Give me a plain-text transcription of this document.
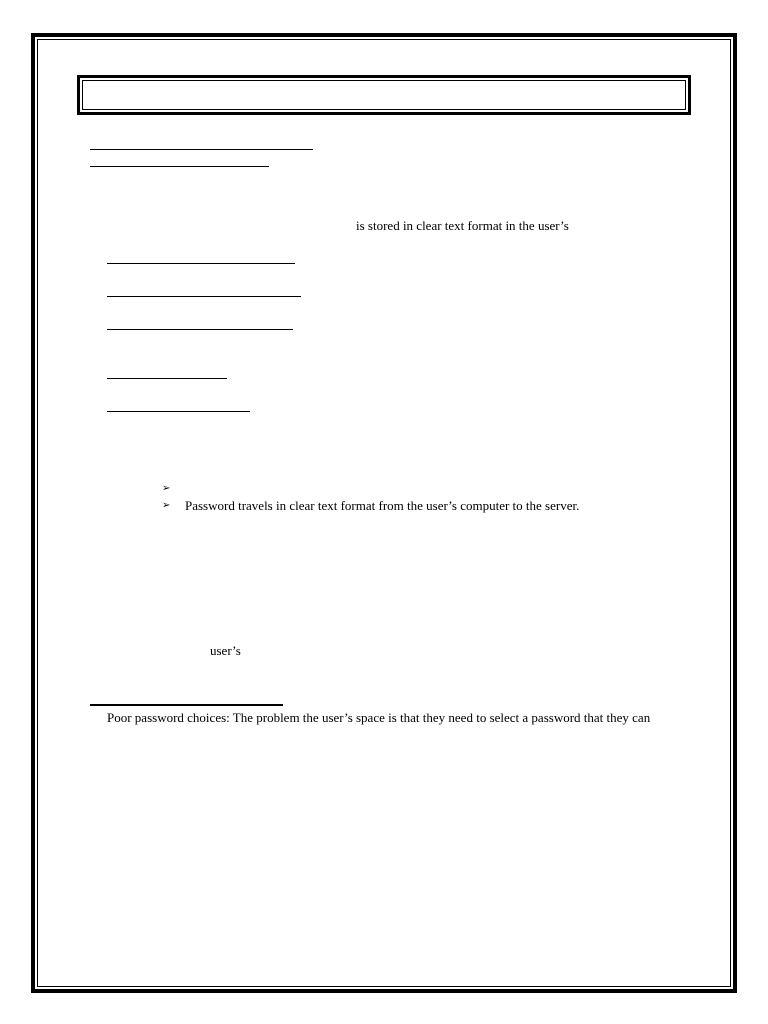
is stored in clear text format in the user’s
➢
➢ Password travels in clear text format from the user’s computer to the server.
user’s
Poor password choices: The problem the user’s space is that they need to select a password that they can
